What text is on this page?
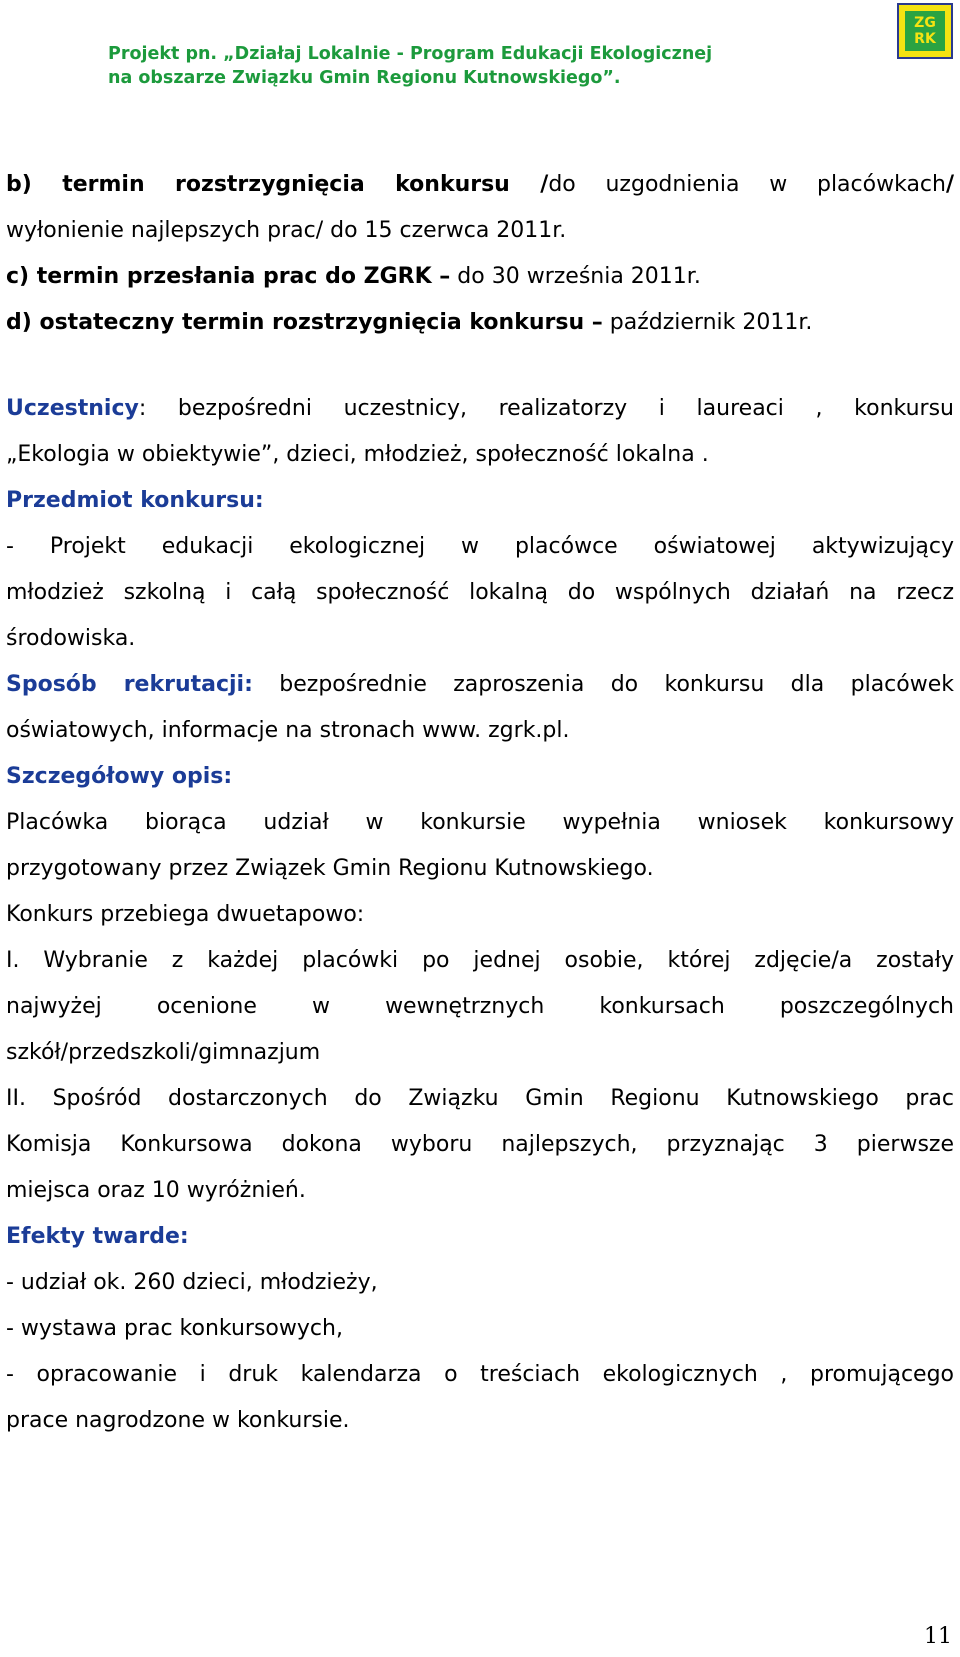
Projekt pn. „Działaj Lokalnie - Program Edukacji Ekologicznej
na obszarze Związku Gmin Regionu Kutnowskiego”.
ZG
RK
b) termin rozstrzygnięcia konkursu /do uzgodnienia w placówkach/
wyłonienie najlepszych prac/ do 15 czerwca 2011r.
c) termin przesłania prac do ZGRK – do 30 września 2011r.
d) ostateczny termin rozstrzygnięcia konkursu – październik 2011r.
Uczestnicy: bezpośredni uczestnicy, realizatorzy i laureaci , konkursu
„Ekologia w obiektywie”, dzieci, młodzież, społeczność lokalna .
Przedmiot konkursu:
- Projekt edukacji ekologicznej w placówce oświatowej aktywizujący
młodzież szkolną i całą społeczność lokalną do wspólnych działań na rzecz
środowiska.
Sposób rekrutacji: bezpośrednie zaproszenia do konkursu dla placówek
oświatowych, informacje na stronach www. zgrk.pl.
Szczegółowy opis:
Placówka biorąca udział w konkursie wypełnia wniosek konkursowy
przygotowany przez Związek Gmin Regionu Kutnowskiego.
Konkurs przebiega dwuetapowo:
I. Wybranie z każdej placówki po jednej osobie, której zdjęcie/a zostały
najwyżej ocenione w wewnętrznych konkursach poszczególnych
szkół/przedszkoli/gimnazjum
II. Spośród dostarczonych do Związku Gmin Regionu Kutnowskiego prac
Komisja Konkursowa dokona wyboru najlepszych, przyznając 3 pierwsze
miejsca oraz 10 wyróżnień.
Efekty twarde:
- udział ok. 260 dzieci, młodzieży,
- wystawa prac konkursowych,
- opracowanie i druk kalendarza o treściach ekologicznych , promującego
prace nagrodzone w konkursie.
11
